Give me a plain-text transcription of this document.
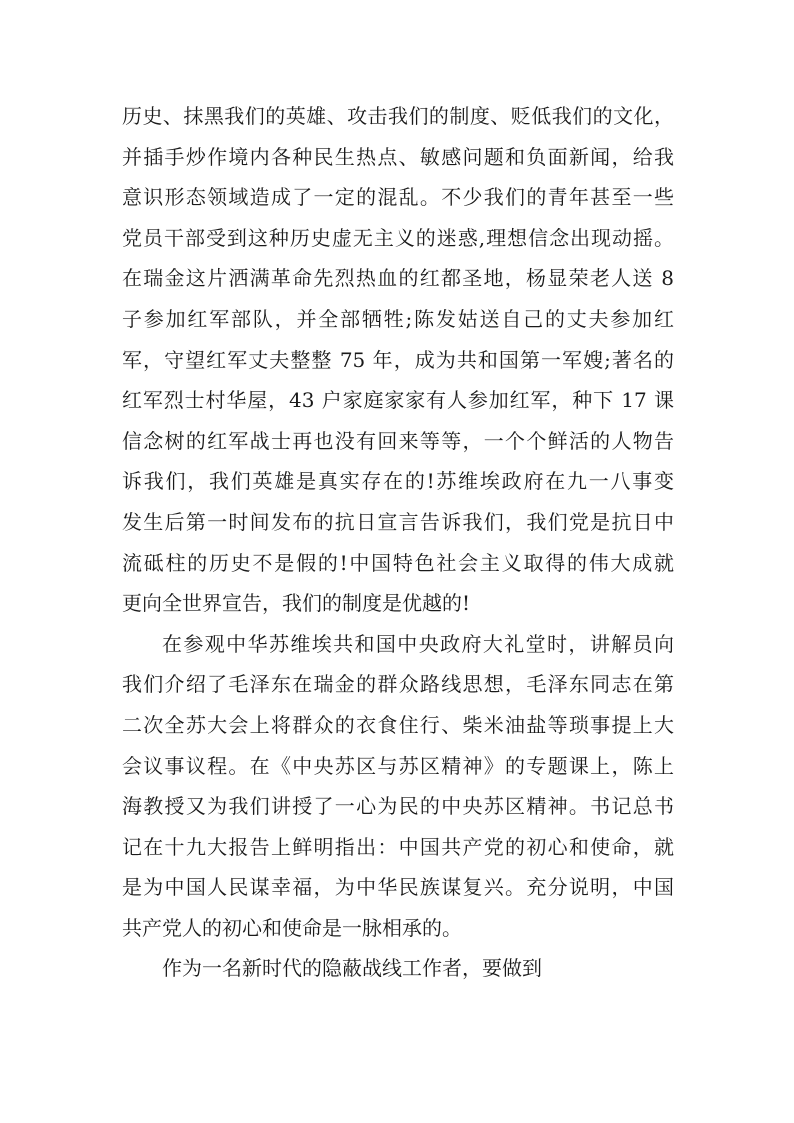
历史、抹黑我们的英雄、攻击我们的制度、贬低我们的文化，
并插手炒作境内各种民生热点、敏感问题和负面新闻，给我
意识形态领域造成了一定的混乱。不少我们的青年甚至一些
党员干部受到这种历史虚无主义的迷惑,理想信念出现动摇。
在瑞金这片洒满革命先烈热血的红都圣地，杨显荣老人送 8
子参加红军部队，并全部牺牲;陈发姑送自己的丈夫参加红
军，守望红军丈夫整整 75 年，成为共和国第一军嫂;著名的
红军烈士村华屋，43 户家庭家家有人参加红军，种下 17 课
信念树的红军战士再也没有回来等等，一个个鲜活的人物告
诉我们，我们英雄是真实存在的!苏维埃政府在九一八事变
发生后第一时间发布的抗日宣言告诉我们，我们党是抗日中
流砥柱的历史不是假的!中国特色社会主义取得的伟大成就
更向全世界宣告，我们的制度是优越的!
在参观中华苏维埃共和国中央政府大礼堂时，讲解员向
我们介绍了毛泽东在瑞金的群众路线思想，毛泽东同志在第
二次全苏大会上将群众的衣食住行、柴米油盐等琐事提上大
会议事议程。在《中央苏区与苏区精神》的专题课上，陈上
海教授又为我们讲授了一心为民的中央苏区精神。书记总书
记在十九大报告上鲜明指出：中国共产党的初心和使命，就
是为中国人民谋幸福，为中华民族谋复兴。充分说明，中国
共产党人的初心和使命是一脉相承的。
作为一名新时代的隐蔽战线工作者，要做到
